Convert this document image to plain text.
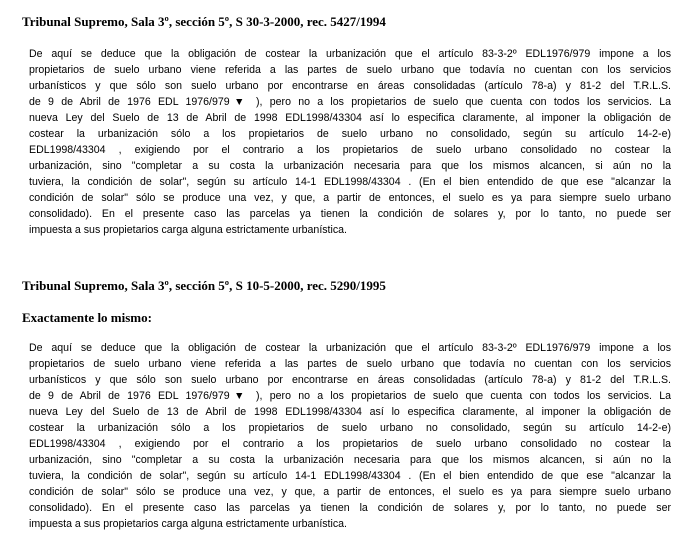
Tribunal Supremo, Sala 3º, sección 5º, S 30-3-2000, rec. 5427/1994
De aquí se deduce que la obligación de costear la urbanización que el artículo 83-3-2º EDL1976/979 impone a los
propietarios de suelo urbano viene referida a las partes de suelo urbano que todavía no cuentan con los servicios
urbanísticos y que sólo son suelo urbano por encontrarse en áreas consolidadas (artículo 78-a) y 81-2 del T.R.L.S.
de 9 de Abril de 1976 EDL 1976/979▼ ), pero no a los propietarios de suelo que cuenta con todos los servicios. La
nueva Ley del Suelo de 13 de Abril de 1998 EDL1998/43304 así lo especifica claramente, al imponer la obligación de
costear la urbanización sólo a los propietarios de suelo urbano no consolidado, según su artículo 14-2-e)
EDL1998/43304 , exigiendo por el contrario a los propietarios de suelo urbano consolidado no costear la
urbanización, sino "completar a su costa la urbanización necesaria para que los mismos alcancen, si aún no la
tuviera, la condición de solar", según su artículo 14-1 EDL1998/43304 . (En el bien entendido de que ese "alcanzar la
condición de solar" sólo se produce una vez, y que, a partir de entonces, el suelo es ya para siempre suelo urbano
consolidado). En el presente caso las parcelas ya tienen la condición de solares y, por lo tanto, no puede ser
impuesta a sus propietarios carga alguna estrictamente urbanística.
Tribunal Supremo, Sala 3º, sección 5º, S 10-5-2000, rec. 5290/1995
Exactamente lo mismo:
De aquí se deduce que la obligación de costear la urbanización que el artículo 83-3-2º EDL1976/979 impone a los
propietarios de suelo urbano viene referida a las partes de suelo urbano que todavía no cuentan con los servicios
urbanísticos y que sólo son suelo urbano por encontrarse en áreas consolidadas (artículo 78-a) y 81-2 del T.R.L.S.
de 9 de Abril de 1976 EDL 1976/979▼ ), pero no a los propietarios de suelo que cuenta con todos los servicios. La
nueva Ley del Suelo de 13 de Abril de 1998 EDL1998/43304 así lo especifica claramente, al imponer la obligación de
costear la urbanización sólo a los propietarios de suelo urbano no consolidado, según su artículo 14-2-e)
EDL1998/43304 , exigiendo por el contrario a los propietarios de suelo urbano consolidado no costear la
urbanización, sino "completar a su costa la urbanización necesaria para que los mismos alcancen, si aún no la
tuviera, la condición de solar", según su artículo 14-1 EDL1998/43304 . (En el bien entendido de que ese "alcanzar la
condición de solar" sólo se produce una vez, y que, a partir de entonces, el suelo es ya para siempre suelo urbano
consolidado). En el presente caso las parcelas ya tienen la condición de solares y, por lo tanto, no puede ser
impuesta a sus propietarios carga alguna estrictamente urbanística.
